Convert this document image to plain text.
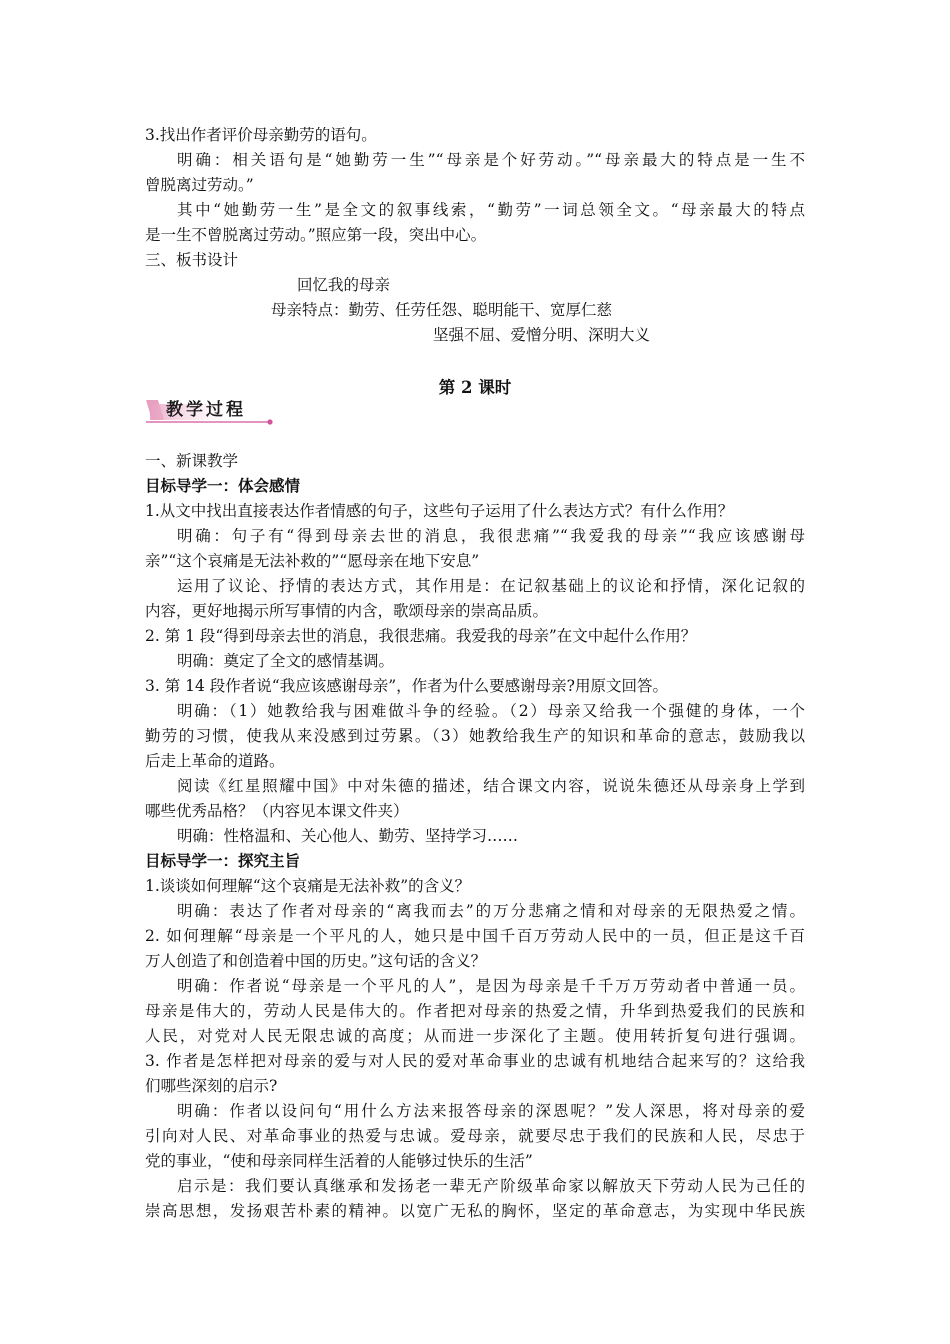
3.找出作者评价母亲勤劳的语句。
明确：相关语句是“她勤劳一生”“母亲是个好劳动。”“母亲最大的特点是一生不
曾脱离过劳动。”
其中“她勤劳一生”是全文的叙事线索，“勤劳”一词总领全文。“母亲最大的特点
是一生不曾脱离过劳动。”照应第一段，突出中心。
三、板书设计
回忆我的母亲
母亲特点：勤劳、任劳任怨、聪明能干、宽厚仁慈
坚强不屈、爱憎分明、深明大义
第 2 课时
教学过程
一、新课教学
目标导学一：体会感情
1.从文中找出直接表达作者情感的句子，这些句子运用了什么表达方式？有什么作用？
明确：句子有“得到母亲去世的消息，我很悲痛”“我爱我的母亲”“我应该感谢母
亲”“这个哀痛是无法补救的”“愿母亲在地下安息”
运用了议论、抒情的表达方式，其作用是：在记叙基础上的议论和抒情，深化记叙的
内容，更好地揭示所写事情的内含，歌颂母亲的崇高品质。
2. 第 1 段“得到母亲去世的消息，我很悲痛。我爱我的母亲”在文中起什么作用？
明确：奠定了全文的感情基调。
3. 第 14 段作者说“我应该感谢母亲”，作者为什么要感谢母亲?用原文回答。
明确：（1）她教给我与困难做斗争的经验。（2）母亲又给我一个强健的身体，一个
勤劳的习惯，使我从来没感到过劳累。（3）她教给我生产的知识和革命的意志，鼓励我以
后走上革命的道路。
阅读《红星照耀中国》中对朱德的描述，结合课文内容，说说朱德还从母亲身上学到
哪些优秀品格？（内容见本课文件夹）
明确：性格温和、关心他人、勤劳、坚持学习……
目标导学一：探究主旨
1.谈谈如何理解“这个哀痛是无法补救”的含义？
明确：表达了作者对母亲的“离我而去”的万分悲痛之情和对母亲的无限热爱之情。
2. 如何理解“母亲是一个平凡的人，她只是中国千百万劳动人民中的一员，但正是这千百
万人创造了和创造着中国的历史。”这句话的含义？
明确：作者说“母亲是一个平凡的人”，是因为母亲是千千万万劳动者中普通一员。
母亲是伟大的，劳动人民是伟大的。作者把对母亲的热爱之情，升华到热爱我们的民族和
人民，对党对人民无限忠诚的高度；从而进一步深化了主题。使用转折复句进行强调。
3. 作者是怎样把对母亲的爱与对人民的爱对革命事业的忠诚有机地结合起来写的？这给我
们哪些深刻的启示?
明确：作者以设问句“用什么方法来报答母亲的深恩呢？”发人深思，将对母亲的爱
引向对人民、对革命事业的热爱与忠诚。爱母亲，就要尽忠于我们的民族和人民，尽忠于
党的事业，“使和母亲同样生活着的人能够过快乐的生活”
启示是：我们要认真继承和发扬老一辈无产阶级革命家以解放天下劳动人民为己任的
崇高思想，发扬艰苦朴素的精神。以宽广无私的胸怀，坚定的革命意志，为实现中华民族
